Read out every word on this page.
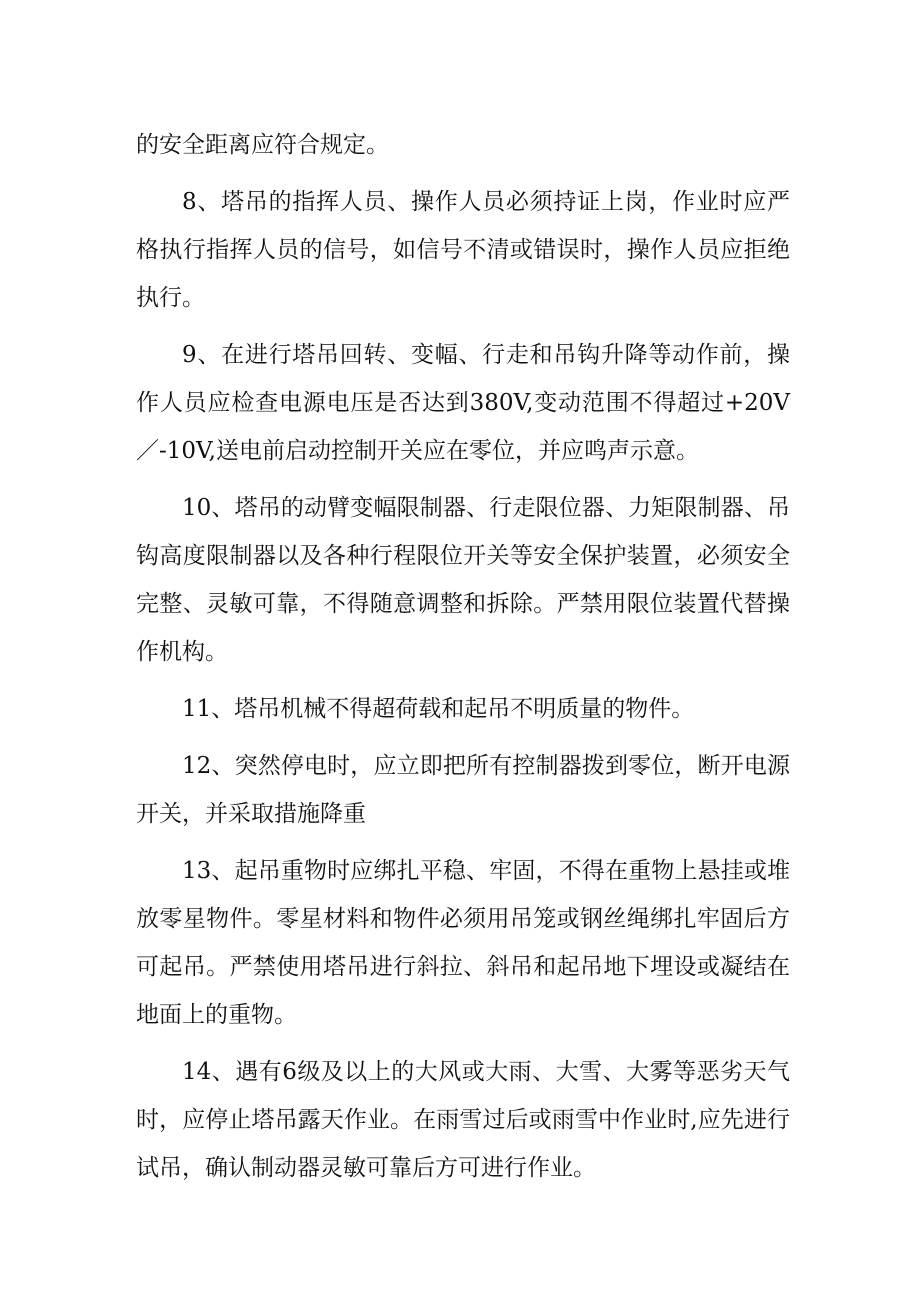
的安全距离应符合规定。

8、塔吊的指挥人员、操作人员必须持证上岗，作业时应严格执行指挥人员的信号，如信号不清或错误时，操作人员应拒绝执行。

9、在进行塔吊回转、变幅、行走和吊钩升降等动作前，操作人员应检查电源电压是否达到380V,变动范围不得超过+20V／-10V,送电前启动控制开关应在零位，并应鸣声示意。

10、塔吊的动臂变幅限制器、行走限位器、力矩限制器、吊钩高度限制器以及各种行程限位开关等安全保护装置，必须安全完整、灵敏可靠，不得随意调整和拆除。严禁用限位装置代替操作机构。

11、塔吊机械不得超荷载和起吊不明质量的物件。

12、突然停电时，应立即把所有控制器拨到零位，断开电源开关，并采取措施降重

13、起吊重物时应绑扎平稳、牢固，不得在重物上悬挂或堆放零星物件。零星材料和物件必须用吊笼或钢丝绳绑扎牢固后方可起吊。严禁使用塔吊进行斜拉、斜吊和起吊地下埋设或凝结在地面上的重物。

14、遇有6级及以上的大风或大雨、大雪、大雾等恶劣天气时，应停止塔吊露天作业。在雨雪过后或雨雪中作业时,应先进行试吊，确认制动器灵敏可靠后方可进行作业。
